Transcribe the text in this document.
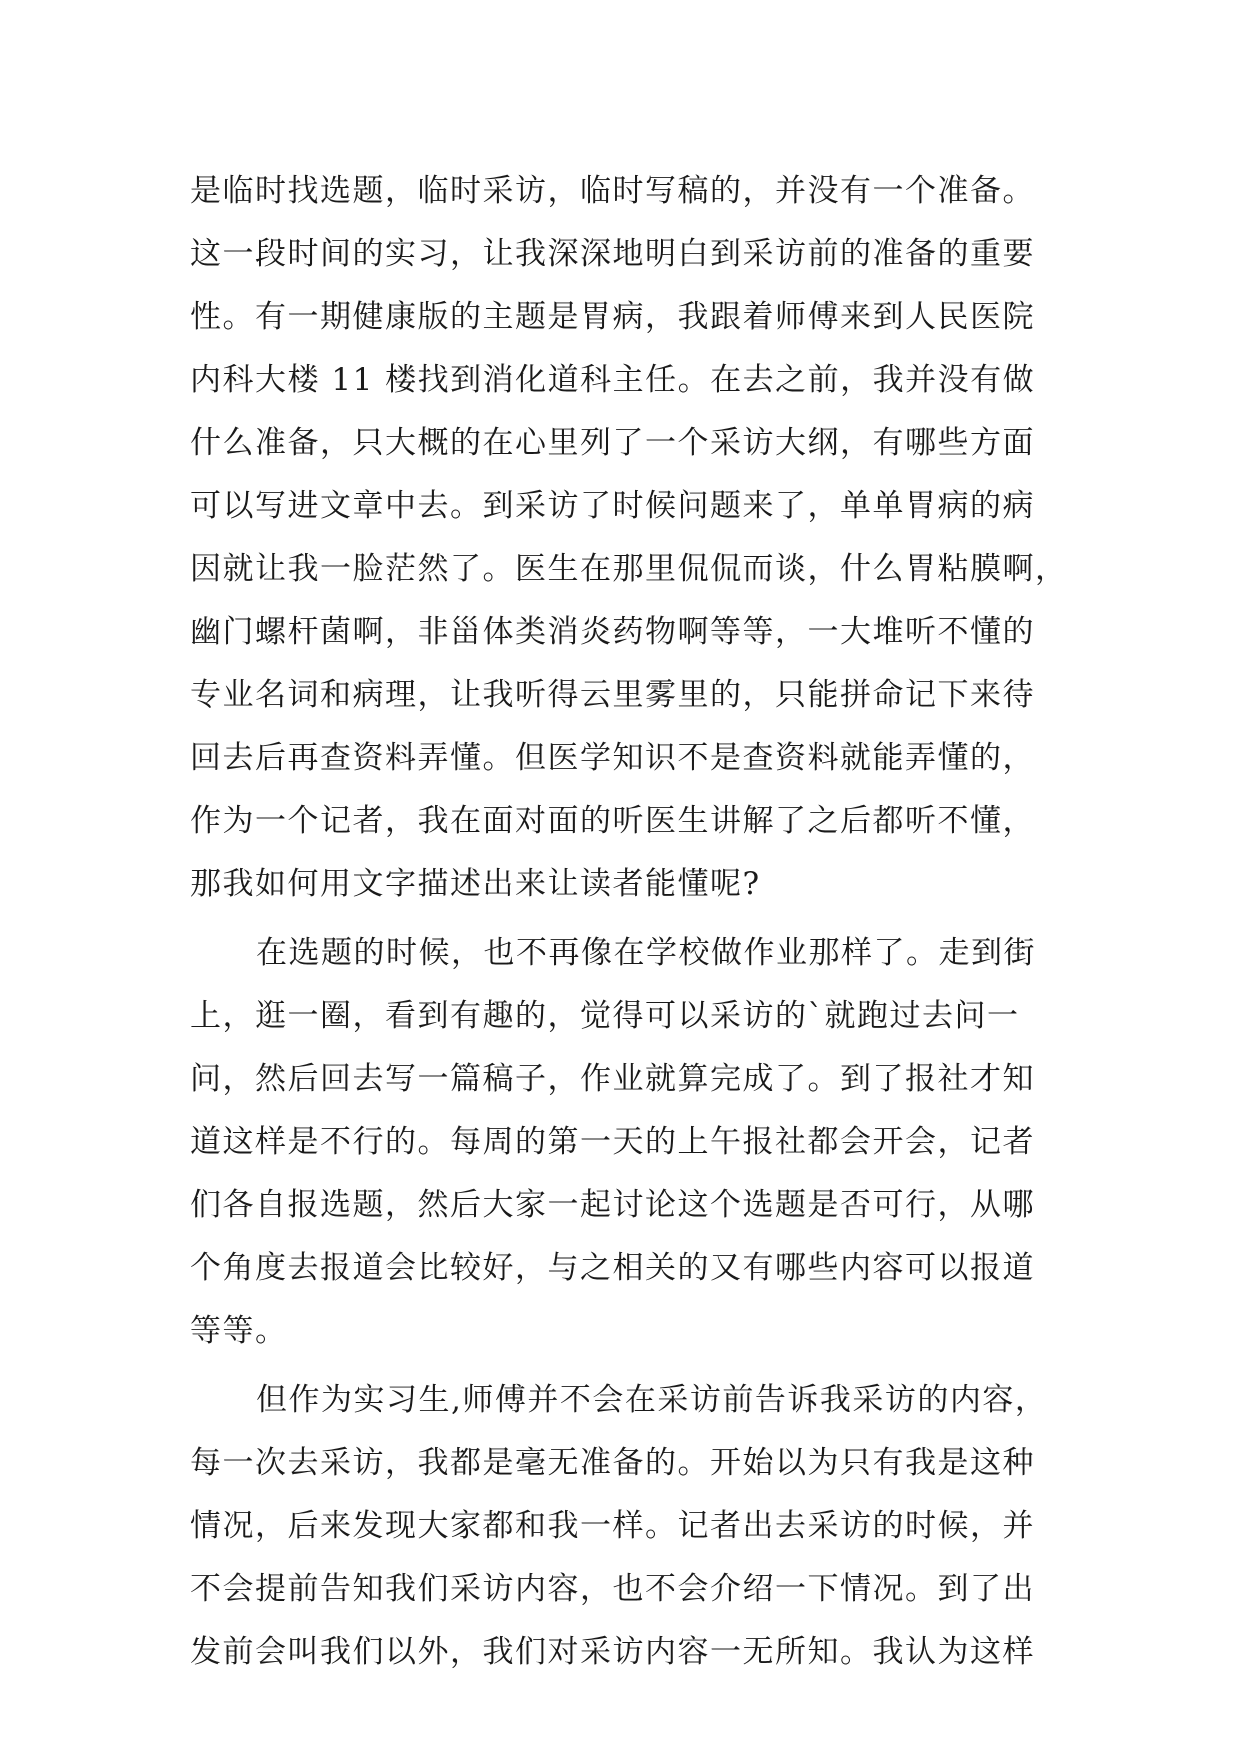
是临时找选题，临时采访，临时写稿的，并没有一个准备。
这一段时间的实习，让我深深地明白到采访前的准备的重要
性。有一期健康版的主题是胃病，我跟着师傅来到人民医院
内科大楼 11 楼找到消化道科主任。在去之前，我并没有做
什么准备，只大概的在心里列了一个采访大纲，有哪些方面
可以写进文章中去。到采访了时候问题来了，单单胃病的病
因就让我一脸茫然了。医生在那里侃侃而谈，什么胃粘膜啊，
幽门螺杆菌啊，非甾体类消炎药物啊等等，一大堆听不懂的
专业名词和病理，让我听得云里雾里的，只能拼命记下来待
回去后再查资料弄懂。但医学知识不是查资料就能弄懂的，
作为一个记者，我在面对面的听医生讲解了之后都听不懂，
那我如何用文字描述出来让读者能懂呢?
在选题的时候，也不再像在学校做作业那样了。走到街
上，逛一圈，看到有趣的，觉得可以采访的`就跑过去问一
问，然后回去写一篇稿子，作业就算完成了。到了报社才知
道这样是不行的。每周的第一天的上午报社都会开会，记者
们各自报选题，然后大家一起讨论这个选题是否可行，从哪
个角度去报道会比较好，与之相关的又有哪些内容可以报道
等等。
但作为实习生,师傅并不会在采访前告诉我采访的内容，
每一次去采访，我都是毫无准备的。开始以为只有我是这种
情况，后来发现大家都和我一样。记者出去采访的时候，并
不会提前告知我们采访内容，也不会介绍一下情况。到了出
发前会叫我们以外，我们对采访内容一无所知。我认为这样
